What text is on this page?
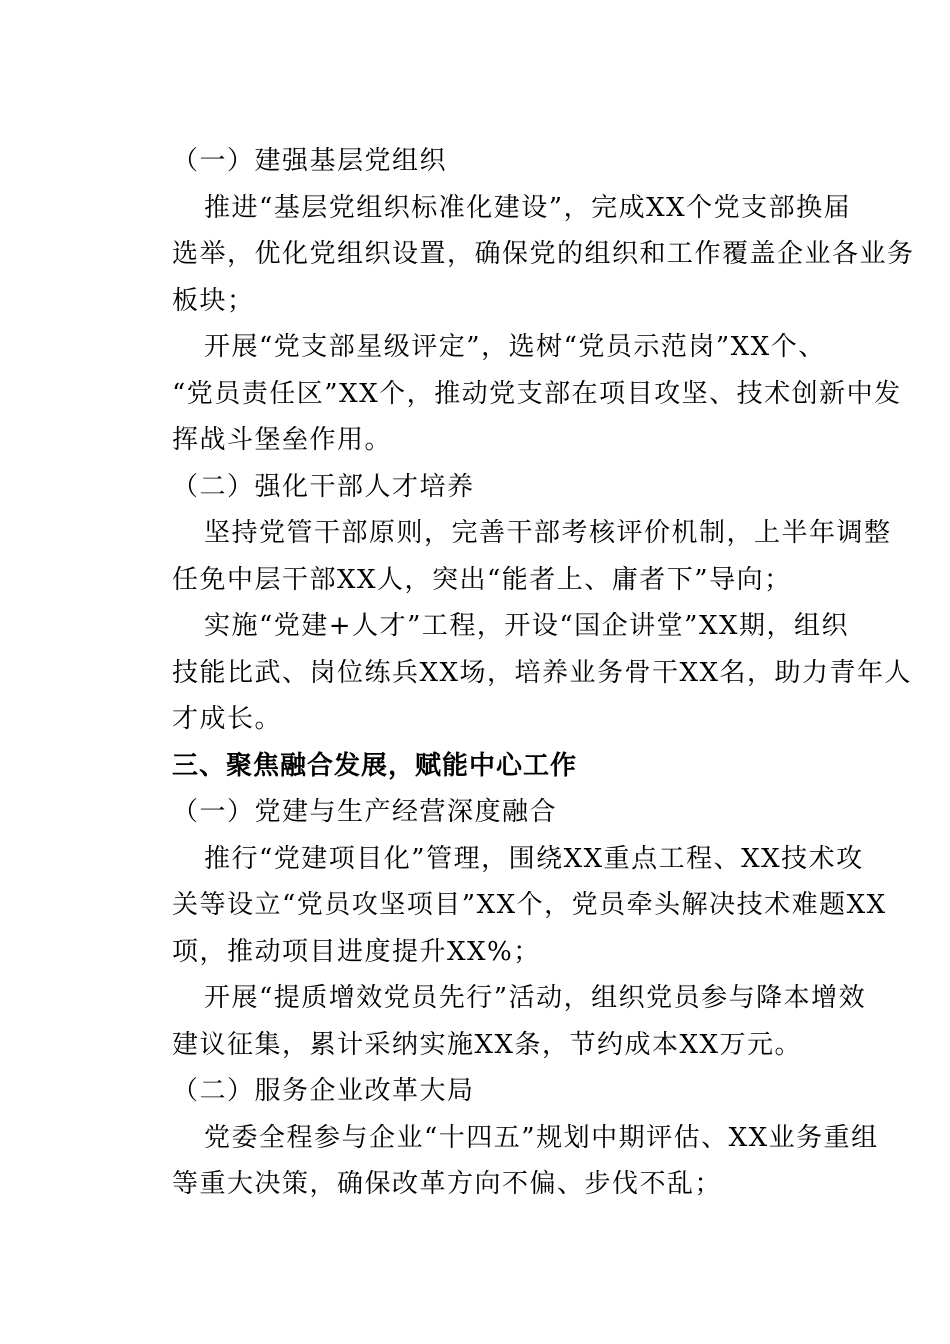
（一）建强基层党组织

推进“基层党组织标准化建设”，完成XX个党支部换届
选举，优化党组织设置，确保党的组织和工作覆盖企业各业务
板块；

开展“党支部星级评定”，选树“党员示范岗”XX个、
“党员责任区”XX个，推动党支部在项目攻坚、技术创新中发
挥战斗堡垒作用。

（二）强化干部人才培养

坚持党管干部原则，完善干部考核评价机制，上半年调整
任免中层干部XX人，突出“能者上、庸者下”导向；

实施“党建+人才”工程，开设“国企讲堂”XX期，组织
技能比武、岗位练兵XX场，培养业务骨干XX名，助力青年人
才成长。

三、聚焦融合发展，赋能中心工作

（一）党建与生产经营深度融合

推行“党建项目化”管理，围绕XX重点工程、XX技术攻
关等设立“党员攻坚项目”XX个，党员牵头解决技术难题XX
项，推动项目进度提升XX%；

开展“提质增效党员先行”活动，组织党员参与降本增效
建议征集，累计采纳实施XX条，节约成本XX万元。

（二）服务企业改革大局

党委全程参与企业“十四五”规划中期评估、XX业务重组
等重大决策，确保改革方向不偏、步伐不乱；
